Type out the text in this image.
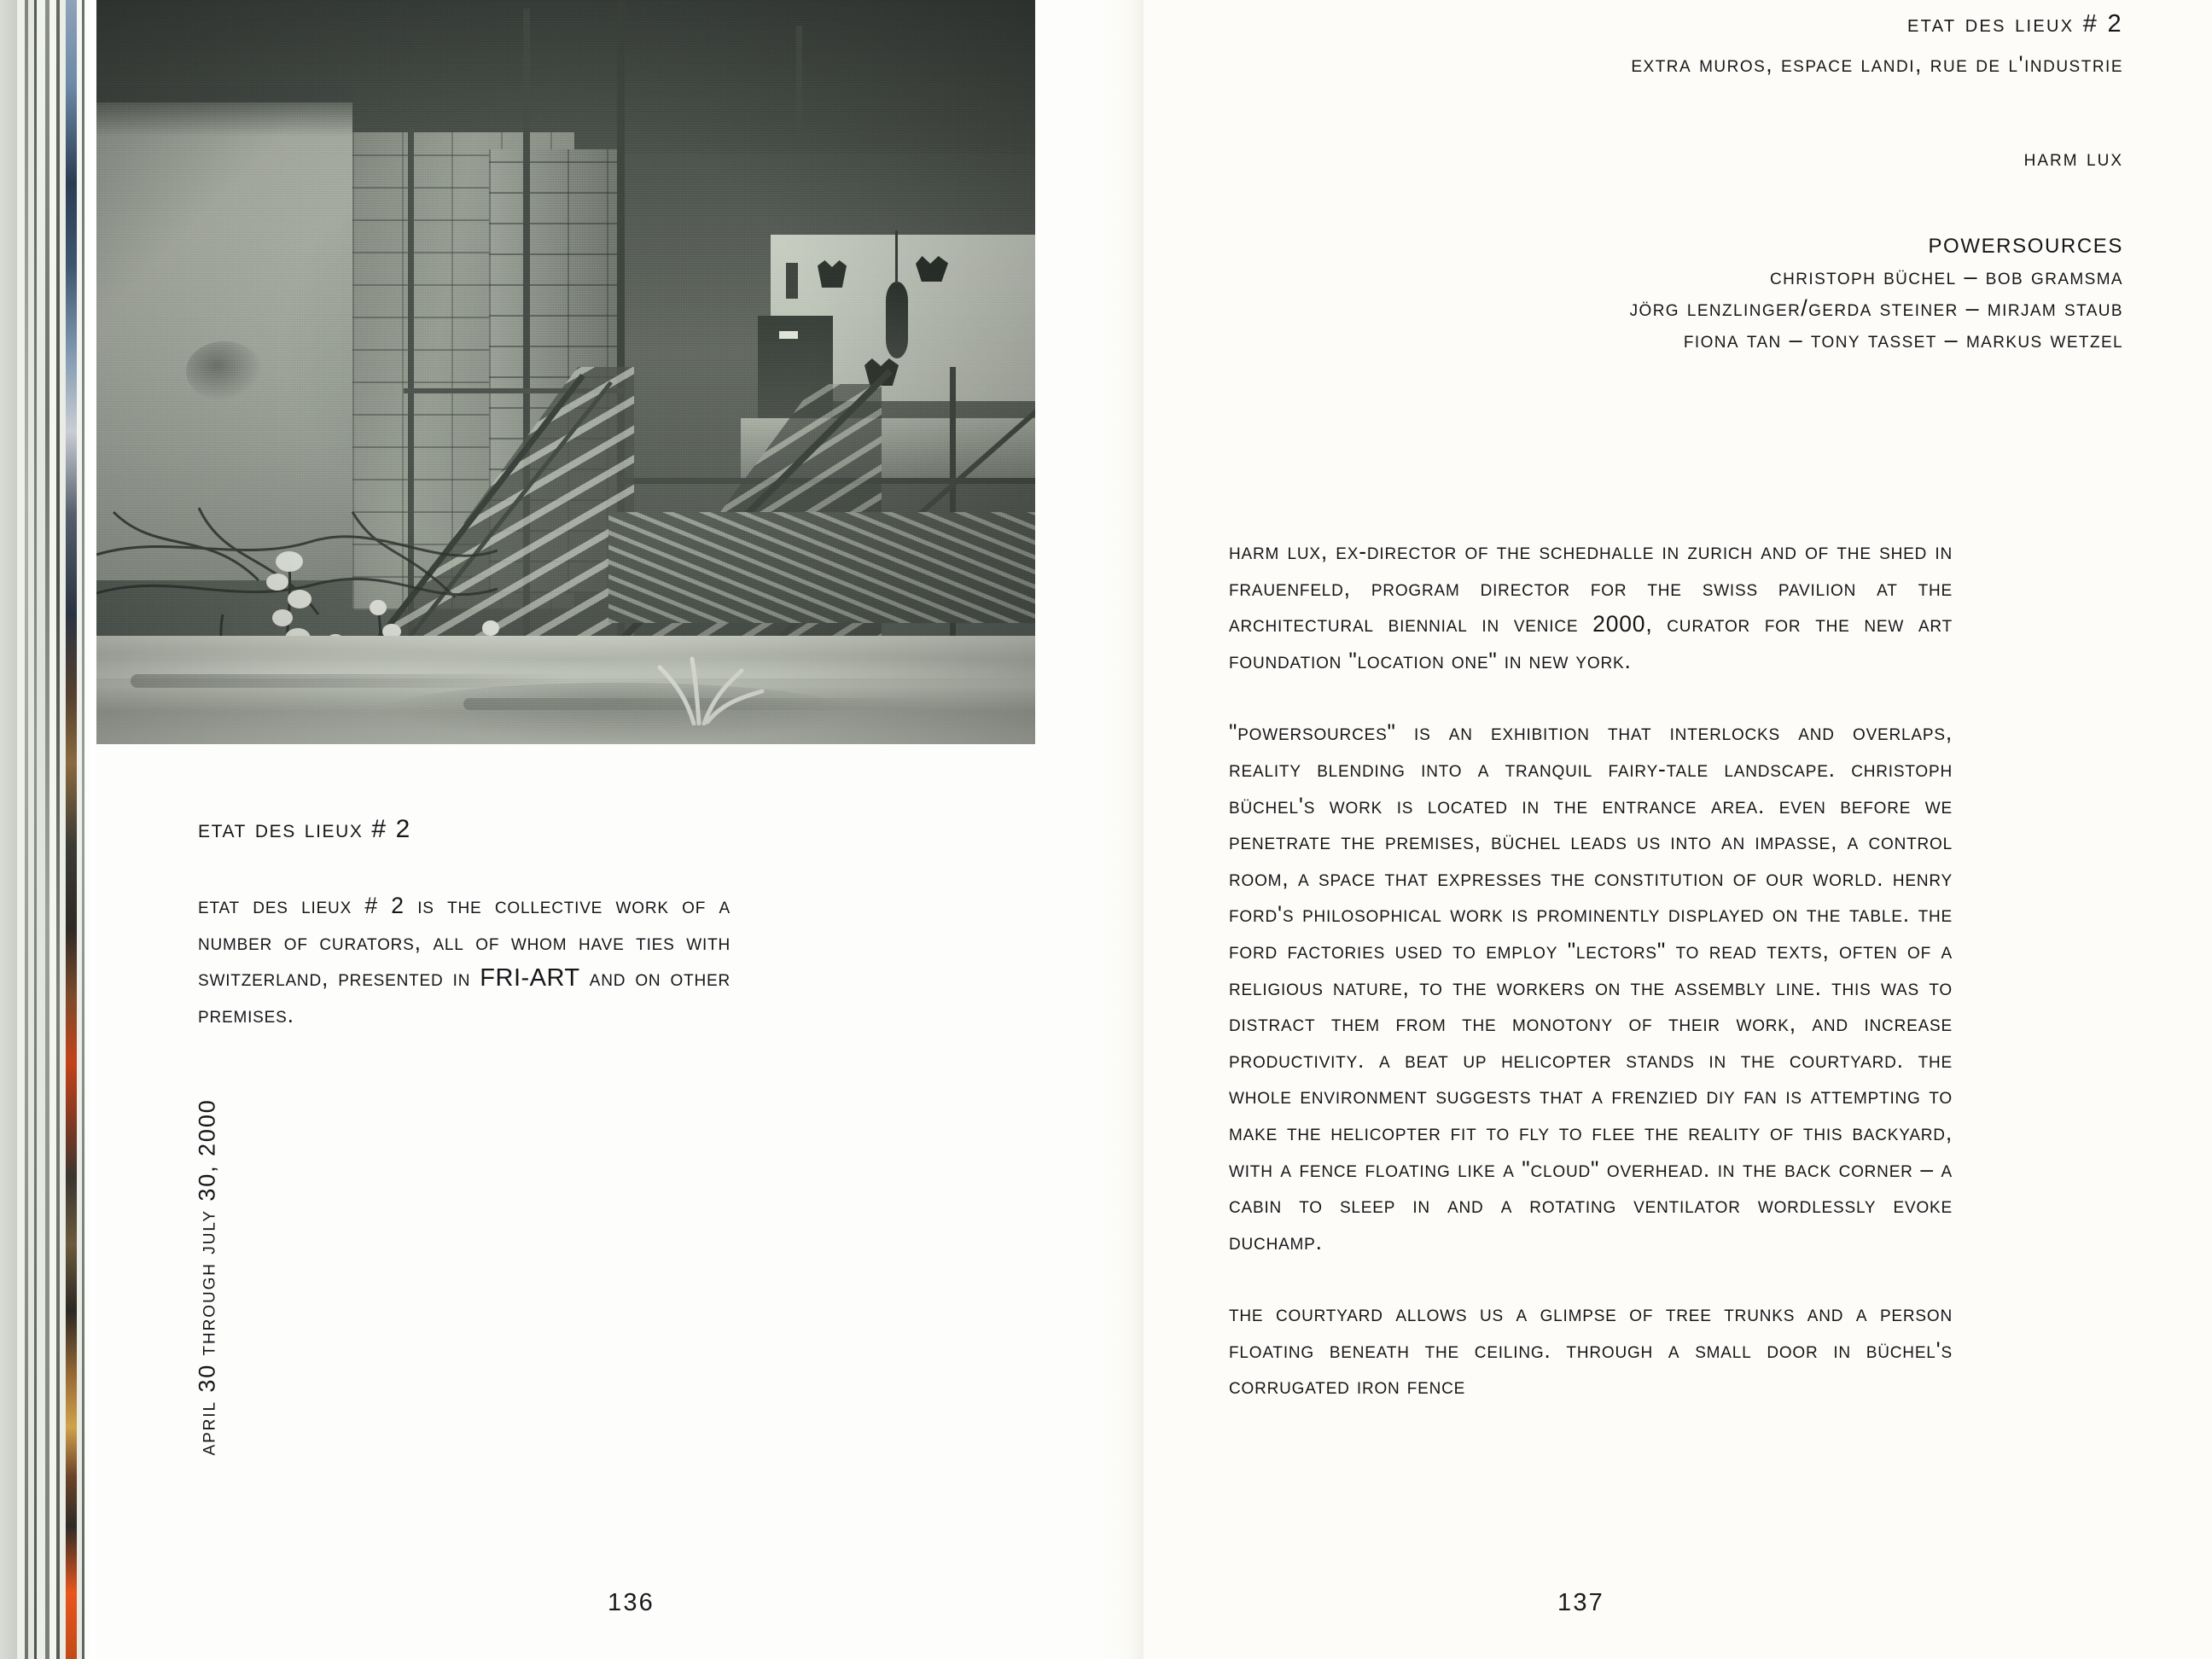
etat des lieux # 2

etat des lieux # 2 is the collective work of a number of curators, all of whom have ties with switzerland, presented in FRI-ART and on other premises.

april 30 through july 30, 2000
136
etat des lieux # 2
extra muros, espace landi, rue de l'industrie
harm lux
POWERSOURCES
christoph büchel – bob gramsma
jörg lenzlinger/gerda steiner – mirjam staub
fiona tan – tony tasset – markus wetzel

harm lux, ex-director of the schedhalle in zurich and of the shed in frauenfeld, program director for the swiss pavilion at the architectural biennial in venice 2000, curator for the new art foundation "location one" in new york.

"powersources" is an exhibition that interlocks and overlaps, reality blending into a tranquil fairy-tale landscape. christoph büchel's work is located in the entrance area. even before we penetrate the premises, büchel leads us into an impasse, a control room, a space that expresses the constitution of our world. henry ford's philosophical work is prominently displayed on the table. the ford factories used to employ "lectors" to read texts, often of a religious nature, to the workers on the assembly line. this was to distract them from the monotony of their work, and increase productivity. a beat up helicopter stands in the courtyard. the whole environment suggests that a frenzied diy fan is attempting to make the helicopter fit to fly to flee the reality of this backyard, with a fence floating like a "cloud" overhead. in the back corner – a cabin to sleep in and a rotating ventilator wordlessly evoke duchamp.

the courtyard allows us a glimpse of tree trunks and a person floating beneath the ceiling. through a small door in büchel's corrugated iron fence

137
